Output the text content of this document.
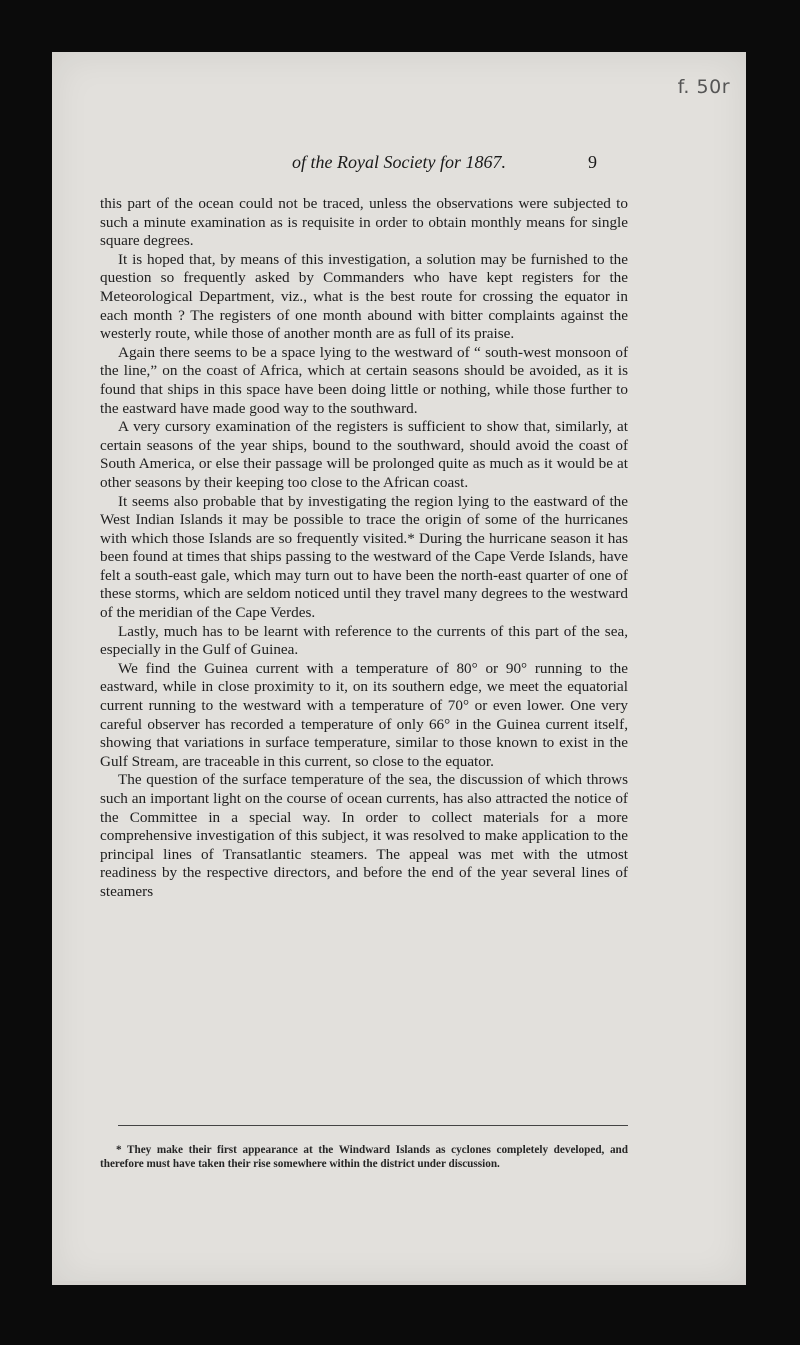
f. 50r
of the Royal Society for 1867.	9

this part of the ocean could not be traced, unless the observations were subjected to such a minute examination as is requisite in order to obtain monthly means for single square degrees.

It is hoped that, by means of this investigation, a solution may be furnished to the question so frequently asked by Commanders who have kept registers for the Meteorological Department, viz., what is the best route for crossing the equator in each month ? The registers of one month abound with bitter complaints against the westerly route, while those of another month are as full of its praise.

Again there seems to be a space lying to the westward of “ south-west monsoon of the line,” on the coast of Africa, which at certain seasons should be avoided, as it is found that ships in this space have been doing little or nothing, while those further to the eastward have made good way to the southward.

A very cursory examination of the registers is sufficient to show that, similarly, at certain seasons of the year ships, bound to the southward, should avoid the coast of South America, or else their passage will be prolonged quite as much as it would be at other seasons by their keeping too close to the African coast.

It seems also probable that by investigating the region lying to the eastward of the West Indian Islands it may be possible to trace the origin of some of the hurricanes with which those Islands are so frequently visited.* During the hurricane season it has been found at times that ships passing to the westward of the Cape Verde Islands, have felt a south-east gale, which may turn out to have been the north-east quarter of one of these storms, which are seldom noticed until they travel many degrees to the westward of the meridian of the Cape Verdes.

Lastly, much has to be learnt with reference to the currents of this part of the sea, especially in the Gulf of Guinea.

We find the Guinea current with a temperature of 80° or 90° running to the eastward, while in close proximity to it, on its southern edge, we meet the equatorial current running to the westward with a temperature of 70° or even lower. One very careful observer has recorded a temperature of only 66° in the Guinea current itself, showing that variations in surface temperature, similar to those known to exist in the Gulf Stream, are traceable in this current, so close to the equator.

The question of the surface temperature of the sea, the discussion of which throws such an important light on the course of ocean currents, has also attracted the notice of the Committee in a special way. In order to collect materials for a more comprehensive investigation of this subject, it was resolved to make application to the principal lines of Transatlantic steamers. The appeal was met with the utmost readiness by the respective directors, and before the end of the year several lines of steamers

* They make their first appearance at the Windward Islands as cyclones completely developed, and therefore must have taken their rise somewhere within the district under discussion.
